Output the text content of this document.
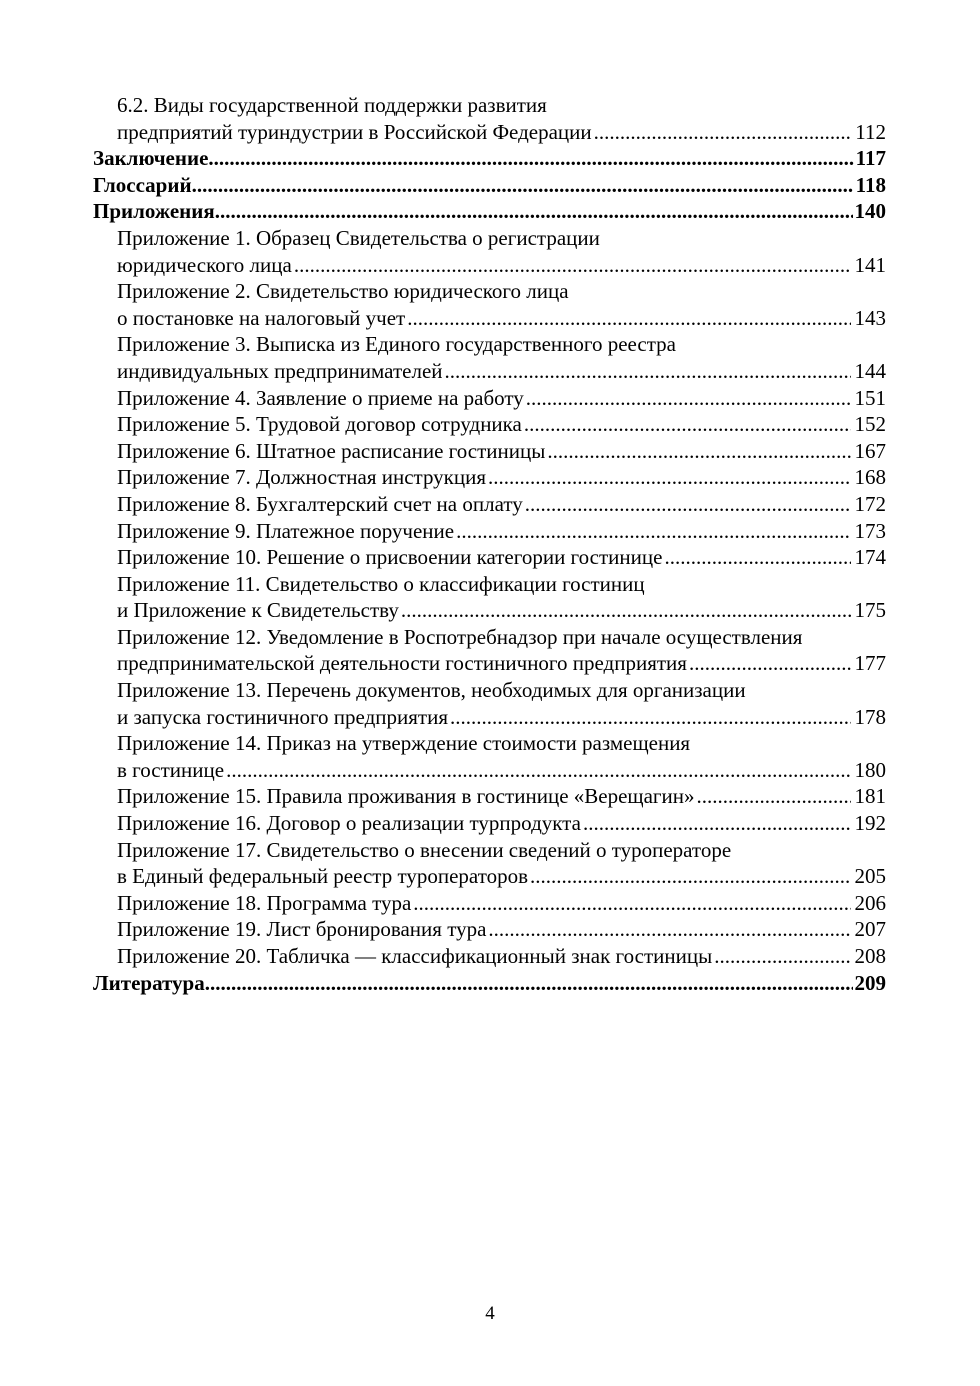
6.2. Виды государственной поддержки развития
предприятий туриндустрии в Российской Федерации .....	112
Заключение .....	117
Глоссарий .....	118
Приложения .....	140
Приложение 1. Образец Свидетельства о регистрации
юридического лица .....	141
Приложение 2. Свидетельство юридического лица
о постановке на налоговый учет .....	143
Приложение 3. Выписка из Единого государственного реестра
индивидуальных предпринимателей .....	144
Приложение 4. Заявление о приеме на работу .....	151
Приложение 5. Трудовой договор сотрудника .....	152
Приложение 6. Штатное расписание гостиницы .....	167
Приложение 7. Должностная инструкция .....	168
Приложение 8. Бухгалтерский счет на оплату .....	172
Приложение 9. Платежное поручение .....	173
Приложение 10. Решение о присвоении категории гостинице .....	174
Приложение 11. Свидетельство о классификации гостиниц
и Приложение к Свидетельству .....	175
Приложение 12. Уведомление в Роспотребнадзор при начале осуществления
предпринимательской деятельности гостиничного предприятия .....	177
Приложение 13. Перечень документов, необходимых для организации
и запуска гостиничного предприятия .....	178
Приложение 14. Приказ на утверждение стоимости размещения
в гостинице .....	180
Приложение 15. Правила проживания в гостинице «Верещагин» .....	181
Приложение 16. Договор о реализации турпродукта .....	192
Приложение 17. Свидетельство о внесении сведений о туроператоре
в Единый федеральный реестр туроператоров .....	205
Приложение 18. Программа тура .....	206
Приложение 19. Лист бронирования тура .....	207
Приложение 20. Табличка — классификационный знак гостиницы .....	208
Литература .....	209
4
